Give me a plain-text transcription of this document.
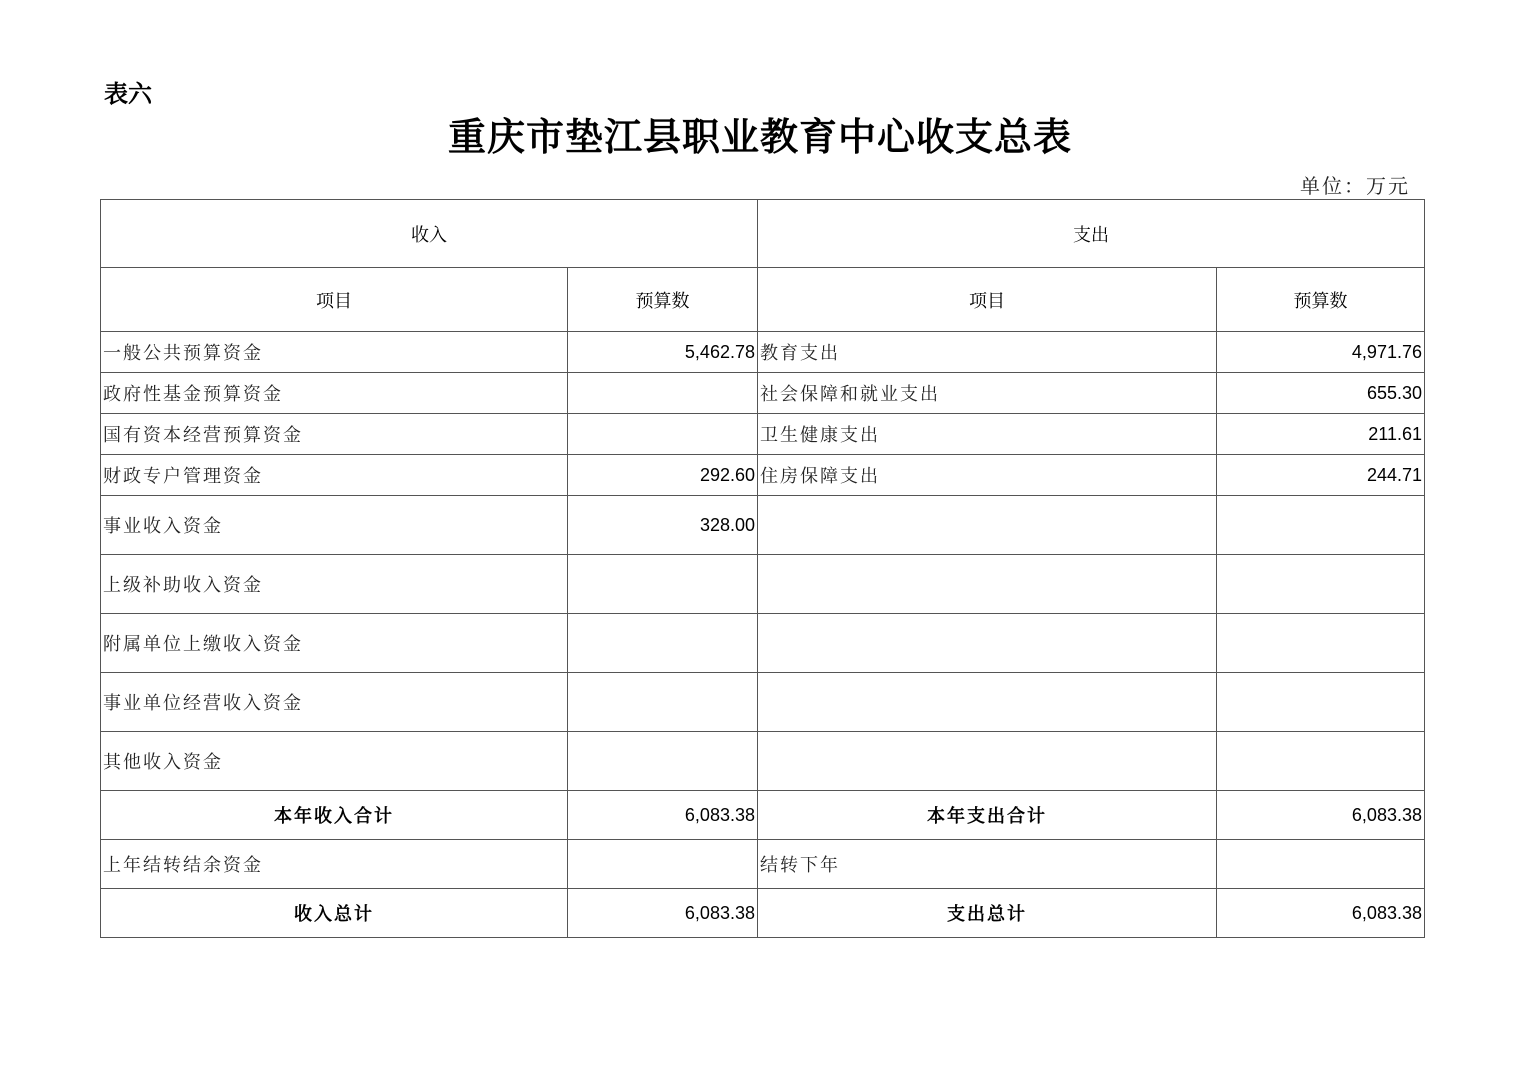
表六
重庆市垫江县职业教育中心收支总表
单位：万元
收入		支出	
项目	预算数	项目	预算数
一般公共预算资金	5,462.78	教育支出	4,971.76
政府性基金预算资金		社会保障和就业支出	655.30
国有资本经营预算资金		卫生健康支出	211.61
财政专户管理资金	292.60	住房保障支出	244.71
事业收入资金	328.00		
上级补助收入资金			
附属单位上缴收入资金			
事业单位经营收入资金			
其他收入资金			
本年收入合计	6,083.38	本年支出合计	6,083.38
上年结转结余资金		结转下年	
收入总计	6,083.38	支出总计	6,083.38
